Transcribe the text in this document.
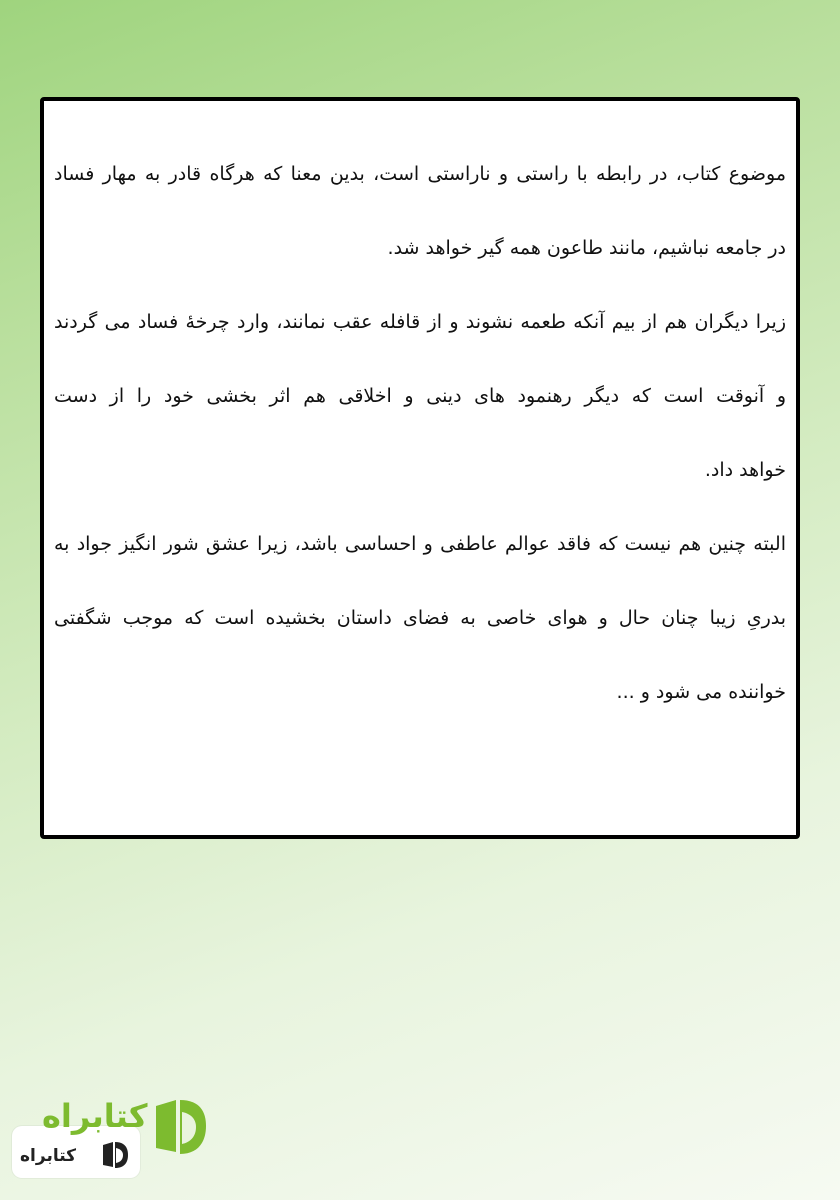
موضوع کتاب، در رابطه با راستی و ناراستی است، بدین معنا که هرگاه قادر به مهار فساد
در جامعه نباشیم، مانند طاعون همه گیر خواهد شد.
زیرا دیگران هم از بیم آنکه طعمه نشوند و از قافله عقب نمانند، وارد چرخهٔ فساد می گردند
و آنوقت است که دیگر رهنمود های دینی و اخلاقی هم اثر بخشی خود را از دست
خواهد داد.
البته چنین هم نیست که فاقد عوالم عاطفی و احساسی باشد، زیرا عشق شور انگیز جواد به
بدریِ زیبا چنان حال و هوای خاصی به فضای داستان بخشیده است که موجب شگفتی
خواننده می شود و ...
کتابراه
کتابراه
